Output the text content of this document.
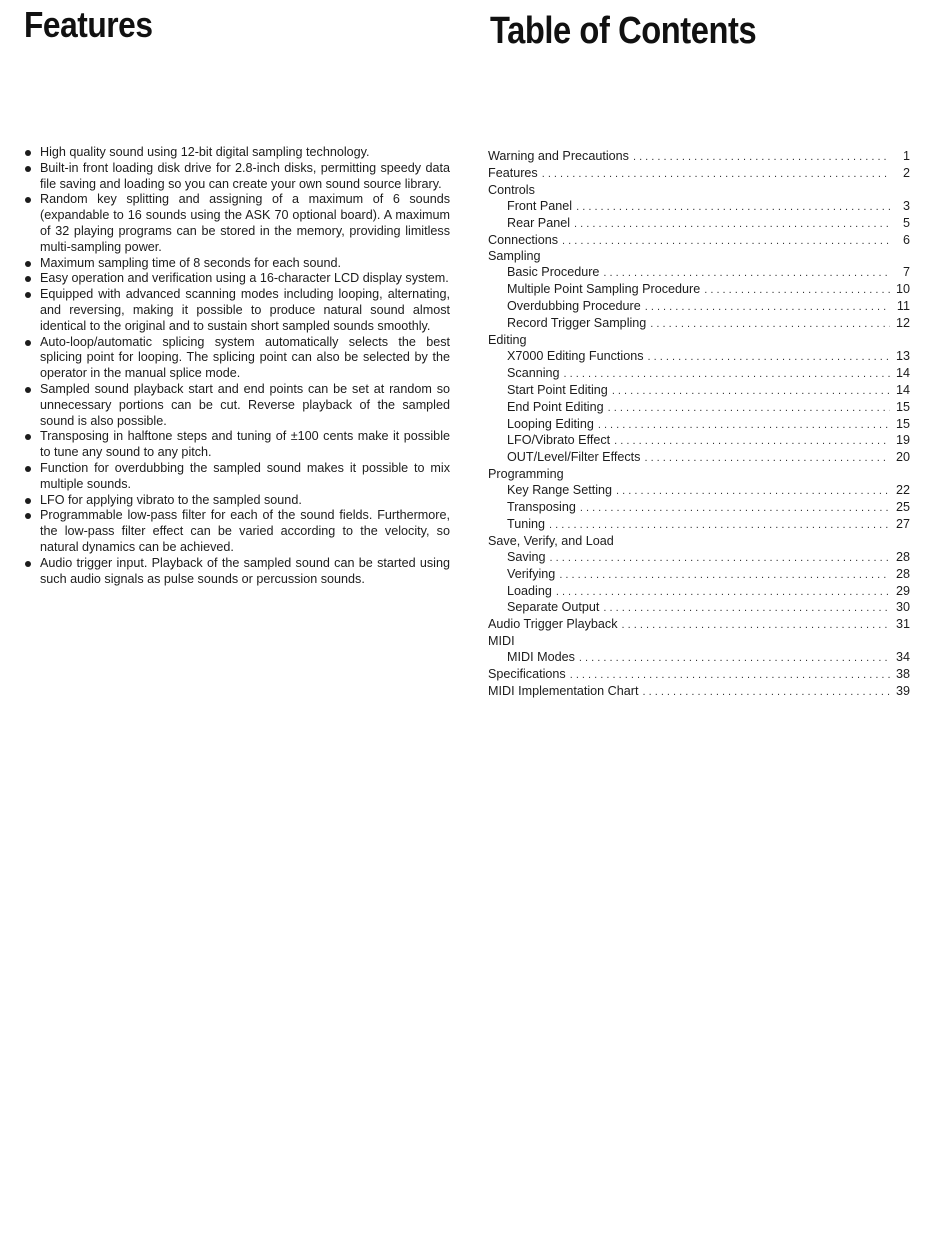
Features	Table of Contents
High quality sound using 12-bit digital sampling technology.
Built-in front loading disk drive for 2.8-inch disks, permitting speedy data file saving and loading so you can create your own sound source library.
Random key splitting and assigning of a maximum of 6 sounds (expandable to 16 sounds using the ASK 70 optional board). A maximum of 32 playing programs can be stored in the memory, providing limitless multi-sampling power.
Maximum sampling time of 8 seconds for each sound.
Easy operation and verification using a 16-character LCD display system.
Equipped with advanced scanning modes including looping, alternating, and reversing, making it possible to produce natural sound almost identical to the original and to sustain short sampled sounds smoothly.
Auto-loop/automatic splicing system automatically selects the best splicing point for looping. The splicing point can also be selected by the operator in the manual splice mode.
Sampled sound playback start and end points can be set at random so unnecessary portions can be cut. Reverse playback of the sampled sound is also possible.
Transposing in halftone steps and tuning of ±100 cents make it possible to tune any sound to any pitch.
Function for overdubbing the sampled sound makes it possible to mix multiple sounds.
LFO for applying vibrato to the sampled sound.
Programmable low-pass filter for each of the sound fields. Furthermore, the low-pass filter effect can be varied according to the velocity, so natural dynamics can be achieved.
Audio trigger input. Playback of the sampled sound can be started using such audio signals as pulse sounds or percussion sounds.
Warning and Precautions . . .	1
Features . . .	2
Controls
Front Panel . . .	3
Rear Panel . . .	5
Connections . . .	6
Sampling
Basic Procedure . . .	7
Multiple Point Sampling Procedure . . .	10
Overdubbing Procedure . . .	11
Record Trigger Sampling . . .	12
Editing
X7000 Editing Functions . . .	13
Scanning . . .	14
Start Point Editing . . .	14
End Point Editing . . .	15
Looping Editing . . .	15
LFO/Vibrato Effect . . .	19
OUT/Level/Filter Effects . . .	20
Programming
Key Range Setting . . .	22
Transposing . . .	25
Tuning . . .	27
Save, Verify, and Load
Saving . . .	28
Verifying . . .	28
Loading . . .	29
Separate Output . . .	30
Audio Trigger Playback . . .	31
MIDI
MIDI Modes . . .	34
Specifications . . .	38
MIDI Implementation Chart . . .	39
